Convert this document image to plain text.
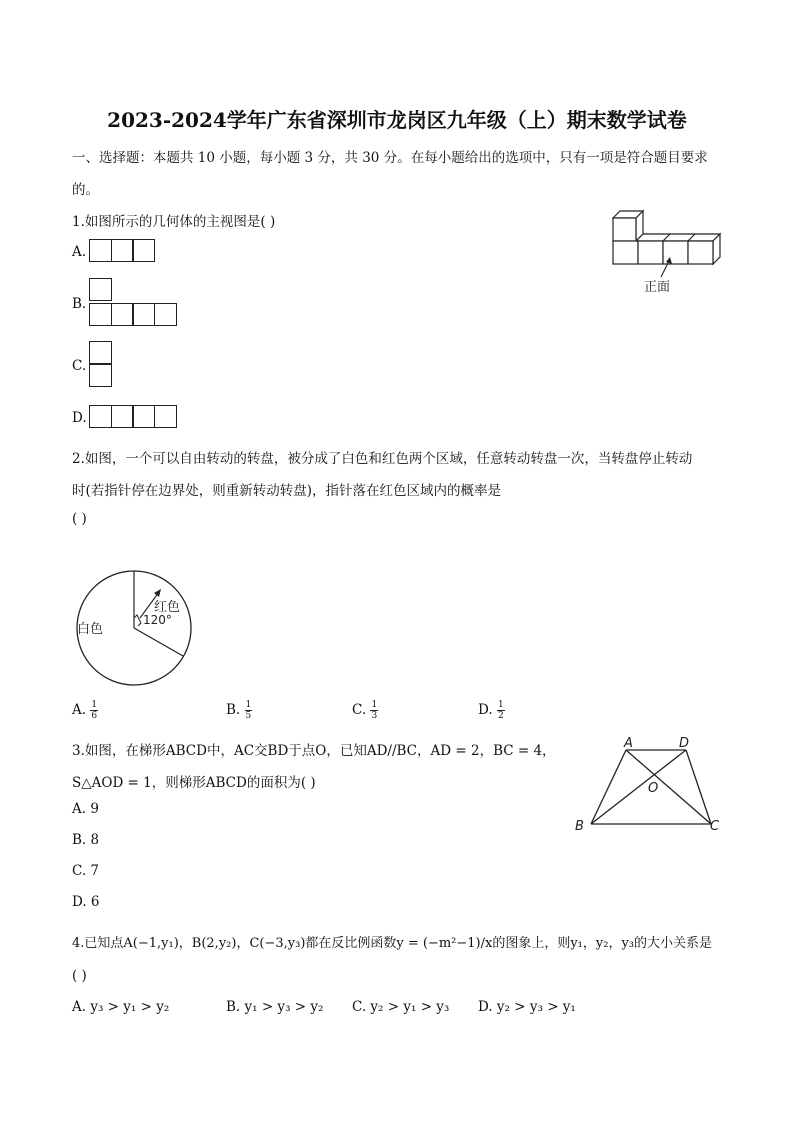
2023-2024学年广东省深圳市龙岗区九年级（上）期末数学试卷
一、选择题：本题共 10 小题，每小题 3 分，共 30 分。在每小题给出的选项中，只有一项是符合题目要求
的。
1.如图所示的几何体的主视图是( )
正面
A.
B.
C.
D.
2.如图，一个可以自由转动的转盘，被分成了白色和红色两个区域，任意转动转盘一次，当转盘停止转动
时(若指针停在边界处，则重新转动转盘)，指针落在红色区域内的概率是
( )
白色
红色
120°
A. $\frac{1}{6}$	B. $\frac{1}{5}$	C. $\frac{1}{3}$	D. $\frac{1}{2}$
3.如图，在梯形ABCD中，AC交BD于点O，已知AD//BC，AD = 2，BC = 4，
S△AOD = 1，则梯形ABCD的面积为( )
A	D
O
B	C
A. 9
B. 8
C. 7
D. 6
4.已知点A(−1,y₁)，B(2,y₂)，C(−3,y₃)都在反比例函数y = (−m²−1)/x的图象上，则y₁，y₂，y₃的大小关系是
( )
A. y₃ > y₁ > y₂	B. y₁ > y₃ > y₂ C. y₂ > y₁ > y₃ D. y₂ > y₃ > y₁
